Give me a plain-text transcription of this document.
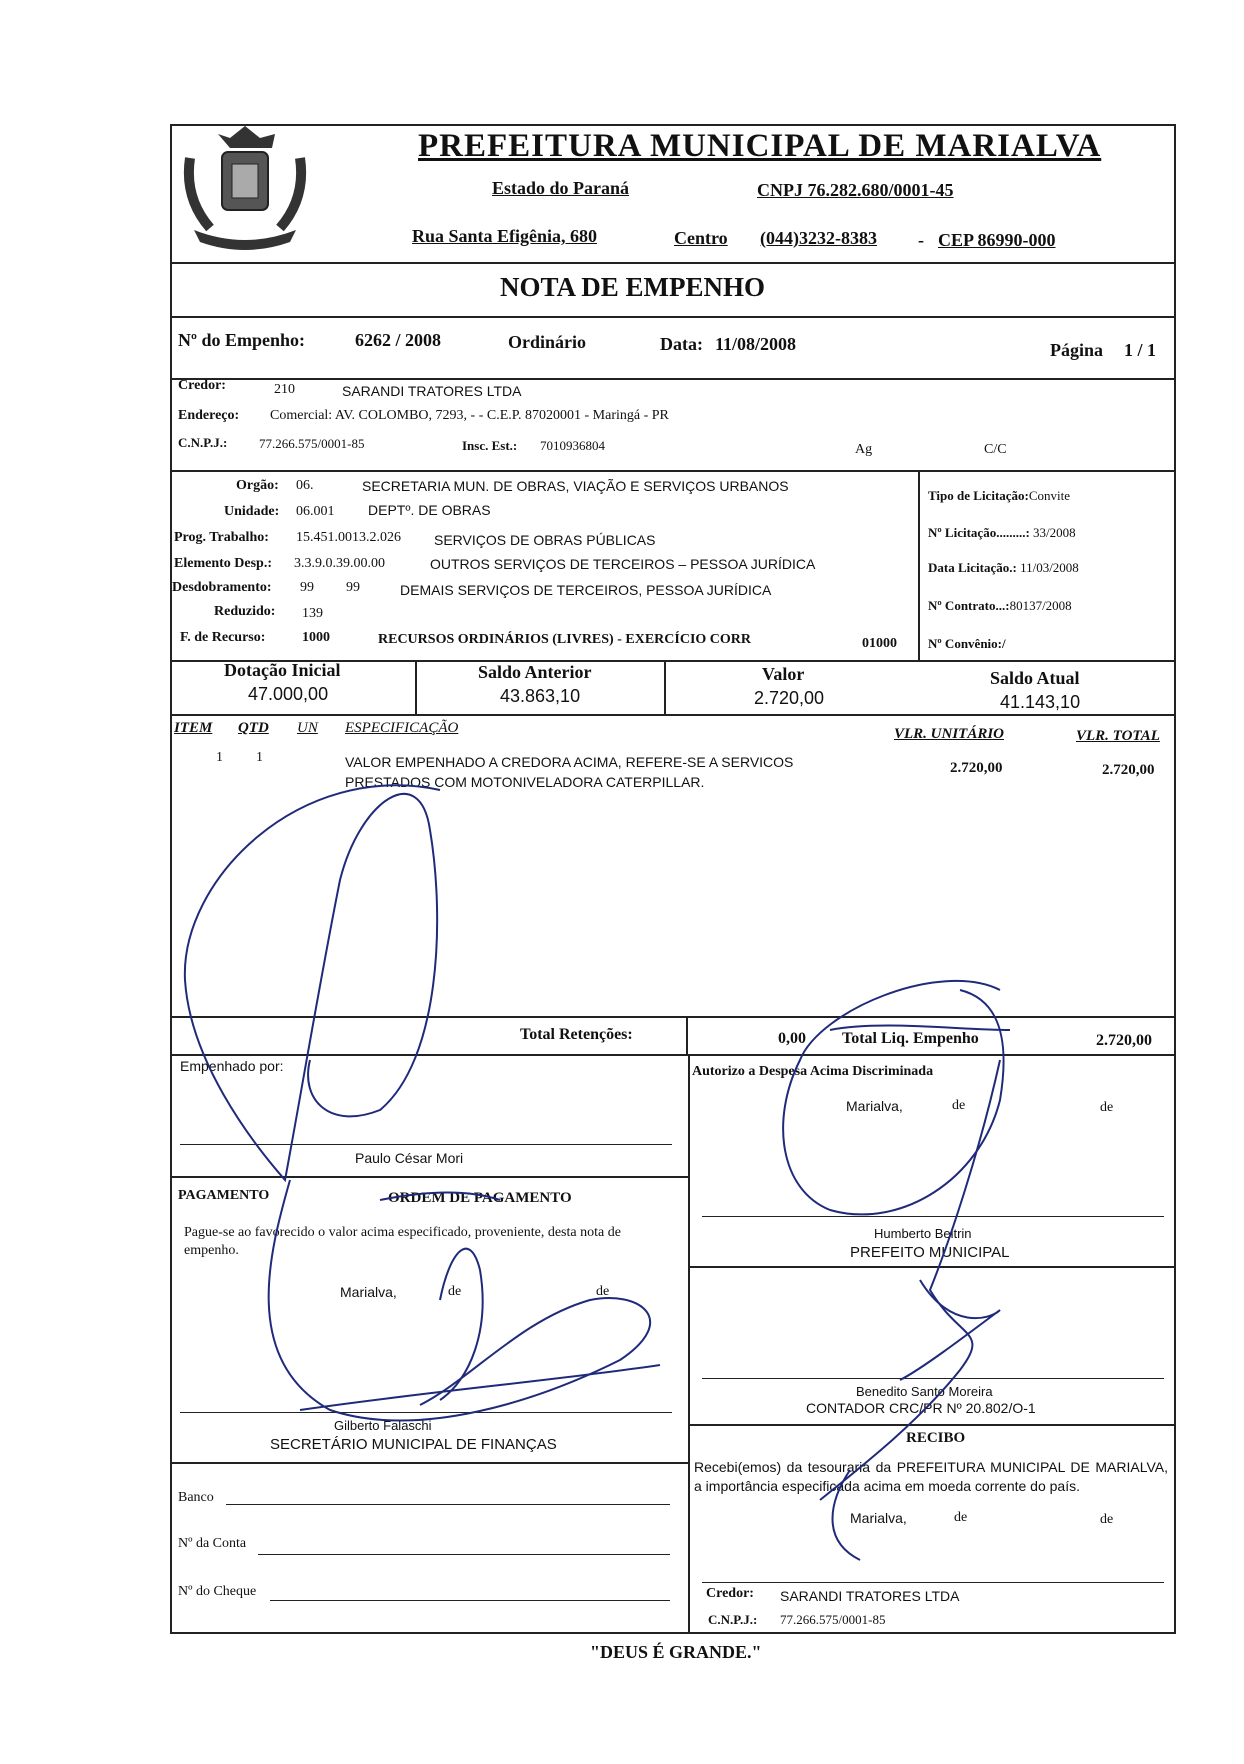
PREFEITURA MUNICIPAL DE MARIALVA
Estado do Paraná	CNPJ 76.282.680/0001-45
Rua Santa Efigênia, 680	Centro (044)3232-8383 - CEP 86990-000
NOTA DE EMPENHO
Nº do Empenho:	6262 / 2008	Ordinário	Data: 11/08/2008	Página 1 / 1
Credor:	210	SARANDI TRATORES LTDA
Endereço: Comercial: AV. COLOMBO, 7293, - - C.E.P. 87020001 - Maringá - PR
C.N.P.J.: 77.266.575/0001-85	Insc. Est.: 7010936804	Ag	C/C
Orgão: 06.	SECRETARIA MUN. DE OBRAS, VIAÇÃO E SERVIÇOS URBANOS
Unidade: 06.001 DEPTº. DE OBRAS
Prog. Trabalho: 15.451.0013.2.026 SERVIÇOS DE OBRAS PÚBLICAS
Elemento Desp.: 3.3.9.0.39.00.00	OUTROS SERVIÇOS DE TERCEIROS – PESSOA JURÍDICA
Desdobramento: 99 99	DEMAIS SERVIÇOS DE TERCEIROS, PESSOA JURÍDICA
Reduzido: 139
F. de Recurso:	1000	RECURSOS ORDINÁRIOS (LIVRES) - EXERCÍCIO CORR	01000
Tipo de Licitação:Convite
Nº Licitação.........: 33/2008
Data Licitação.: 11/03/2008
Nº Contrato...:80137/2008
Nº Convênio:/
Dotação Inicial
47.000,00
Saldo Anterior
43.863,10
Valor
2.720,00
Saldo Atual
41.143,10
ITEM QTD UN ESPECIFICAÇÃO	VLR. UNITÁRIO	VLR. TOTAL
1 1	VALOR EMPENHADO A CREDORA ACIMA, REFERE-SE A SERVICOS
PRESTADOS COM MOTONIVELADORA CATERPILLAR.
2.720,00	2.720,00
Total Retenções:	0,00 Total Liq. Empenho	2.720,00
Empenhado por:
Paulo César Mori
PAGAMENTO	ORDEM DE PAGAMENTO
Pague-se ao favorecido o valor acima especificado, proveniente, desta nota de empenho.
Marialva,	de	de
Gilberto Falaschi
SECRETÁRIO MUNICIPAL DE FINANÇAS
Banco
Nº da Conta
Nº do Cheque
Autorizo a Despesa Acima Discriminada
Marialva,	de	de
Humberto Beltrin
PREFEITO MUNICIPAL
Benedito Santo Moreira
CONTADOR CRC/PR Nº 20.802/O-1
RECIBO
Recebi(emos) da tesouraria da PREFEITURA MUNICIPAL DE MARIALVA, a importância especificada acima em moeda corrente do país.
Marialva,	de	de
Credor: SARANDI TRATORES LTDA
C.N.P.J.: 77.266.575/0001-85
"DEUS É GRANDE."
